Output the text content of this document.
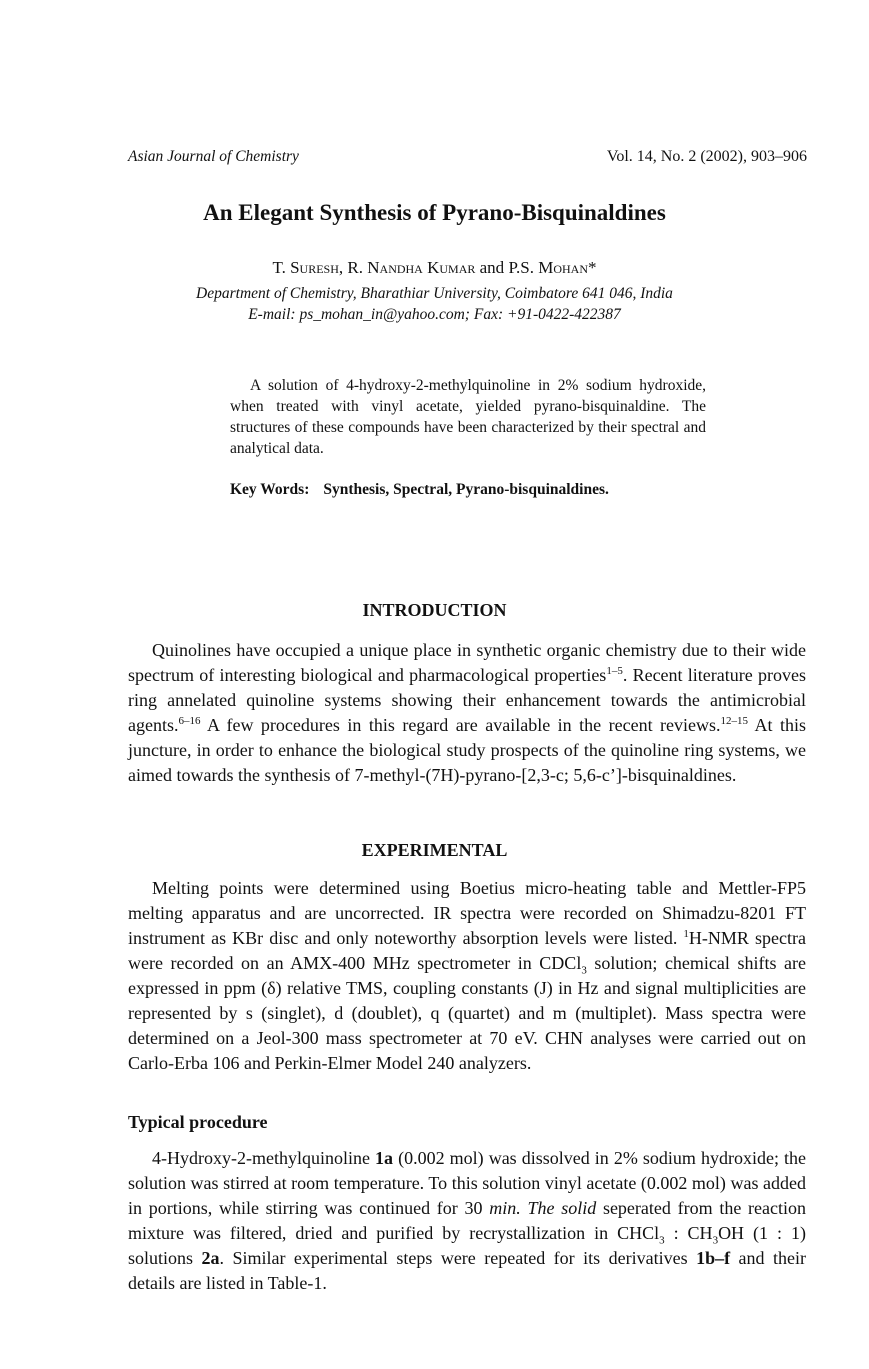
Asian Journal of Chemistry	Vol. 14, No. 2 (2002), 903–906
An Elegant Synthesis of Pyrano-Bisquinaldines
T. Suresh, R. Nandha Kumar and P.S. Mohan*
Department of Chemistry, Bharathiar University, Coimbatore 641 046, India
E-mail: ps_mohan_in@yahoo.com; Fax: +91-0422-422387
A solution of 4-hydroxy-2-methylquinoline in 2% sodium hydroxide, when treated with vinyl acetate, yielded pyrano-bisquinaldine. The structures of these compounds have been characterized by their spectral and analytical data.
Key Words: Synthesis, Spectral, Pyrano-bisquinaldines.
INTRODUCTION
Quinolines have occupied a unique place in synthetic organic chemistry due to their wide spectrum of interesting biological and pharmacological properties$^{1-5}$. Recent literature proves ring annelated quinoline systems showing their enhancement towards the antimicrobial agents.$^{6-16}$ A few procedures in this regard are available in the recent reviews.$^{12-15}$ At this juncture, in order to enhance the biological study prospects of the quinoline ring systems, we aimed towards the synthesis of 7-methyl-(7H)-pyrano-[2,3-c; 5,6-c’]-bisquinaldines.
EXPERIMENTAL
Melting points were determined using Boetius micro-heating table and Mettler-FP5 melting apparatus and are uncorrected. IR spectra were recorded on Shimadzu-8201 FT instrument as KBr disc and only noteworthy absorption levels were listed. $^1$H-NMR spectra were recorded on an AMX-400 MHz spectrometer in CDCl$_3$ solution; chemical shifts are expressed in ppm (δ) relative TMS, coupling constants (J) in Hz and signal multiplicities are represented by s (singlet), d (doublet), q (quartet) and m (multiplet). Mass spectra were determined on a Jeol-300 mass spectrometer at 70 eV. CHN analyses were carried out on Carlo-Erba 106 and Perkin-Elmer Model 240 analyzers.
Typical procedure
4-Hydroxy-2-methylquinoline 1a (0.002 mol) was dissolved in 2% sodium hydroxide; the solution was stirred at room temperature. To this solution vinyl acetate (0.002 mol) was added in portions, while stirring was continued for 30 min. The solid seperated from the reaction mixture was filtered, dried and purified by recrystallization in CHCl$_3$ : $CH_3OH$ (1 : 1) solutions 2a. Similar experimental steps were repeated for its derivatives 1b–f and their details are listed in Table-1.
